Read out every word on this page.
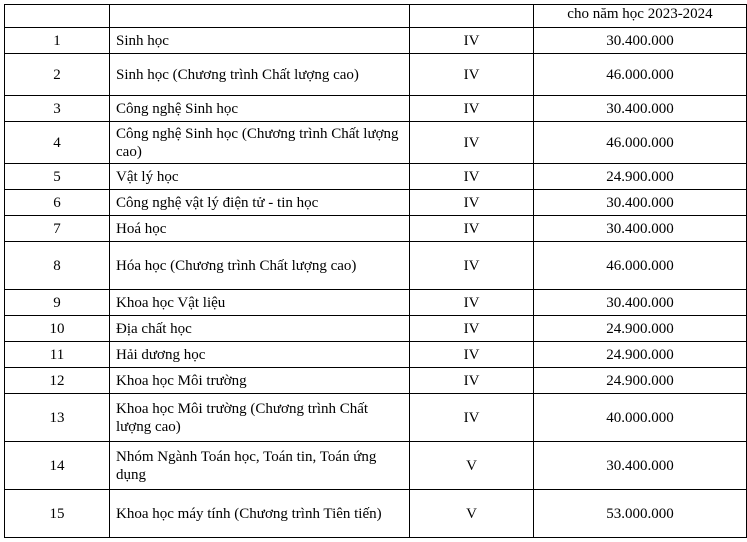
			cho năm học 2023-2024
1	Sinh học	IV	30.400.000
2	Sinh học (Chương trình Chất lượng cao)	IV	46.000.000
3	Công nghệ Sinh học	IV	30.400.000
4	Công nghệ Sinh học (Chương trình Chất lượng cao)	IV	46.000.000
5	Vật lý học	IV	24.900.000
6	Công nghệ vật lý điện tử - tin học	IV	30.400.000
7	Hoá học	IV	30.400.000
8	Hóa học (Chương trình Chất lượng cao)	IV	46.000.000
9	Khoa học Vật liệu	IV	30.400.000
10	Địa chất học	IV	24.900.000
11	Hải dương học	IV	24.900.000
12	Khoa học Môi trường	IV	24.900.000
13	Khoa học Môi trường (Chương trình Chất lượng cao)	IV	40.000.000
14	Nhóm Ngành Toán học, Toán tin, Toán ứng dụng	V	30.400.000
15	Khoa học máy tính (Chương trình Tiên tiến)	V	53.000.000
